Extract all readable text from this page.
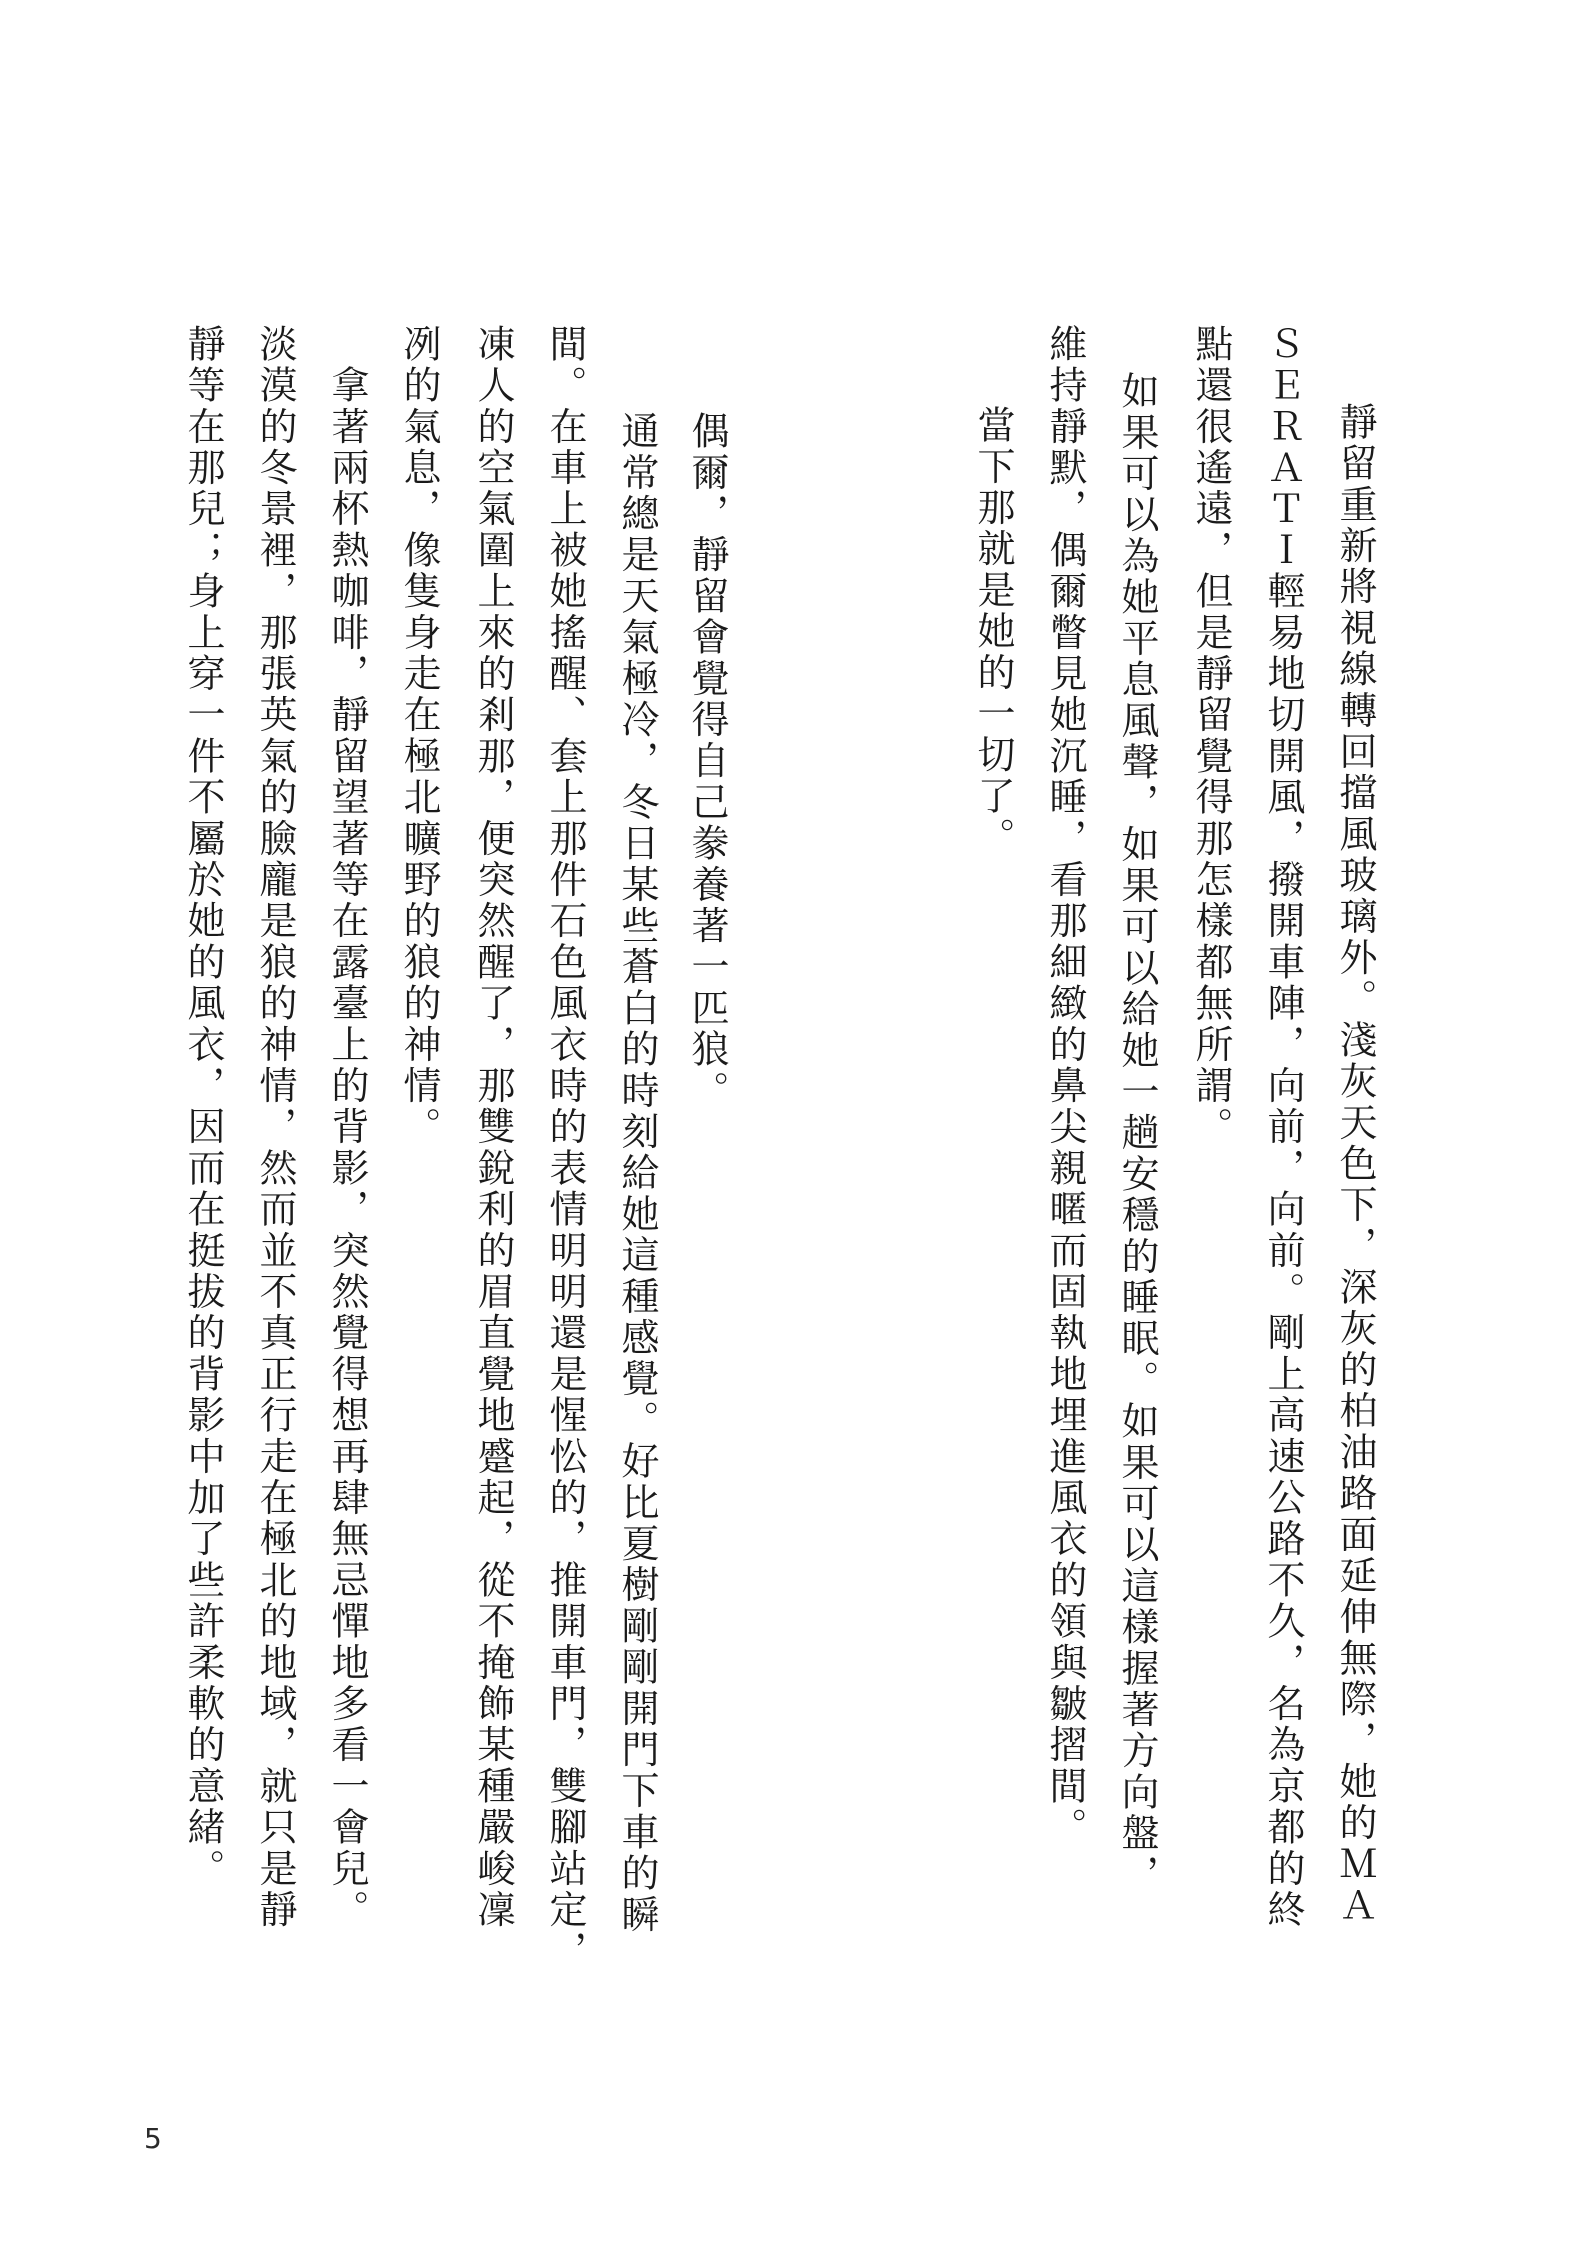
靜留重新將視線轉回擋風玻璃外。淺灰天色下，深灰的柏油路面延伸無際，她的ＭＡ
ＳＥＲＡＴＩ輕易地切開風，撥開車陣，向前，向前。剛上高速公路不久，名為京都的終
點還很遙遠，但是靜留覺得那怎樣都無所謂。
　如果可以為她平息風聲，如果可以給她一趟安穩的睡眠。如果可以這樣握著方向盤，
維持靜默，偶爾瞥見她沉睡，看那細緻的鼻尖親暱而固執地埋進風衣的領與皺摺間。
　當下那就是她的一切了。
　偶爾，靜留會覺得自己豢養著一匹狼。
　通常總是天氣極冷，冬日某些蒼白的時刻給她這種感覺。好比夏樹剛剛開門下車的瞬
間。在車上被她搖醒、套上那件石色風衣時的表情明明還是惺忪的，推開車門，雙腳站定，
凍人的空氣圍上來的剎那，便突然醒了，那雙銳利的眉直覺地蹙起，從不掩飾某種嚴峻凜
冽的氣息，像隻身走在極北曠野的狼的神情。
　拿著兩杯熱咖啡，靜留望著等在露臺上的背影，突然覺得想再肆無忌憚地多看一會兒。
淡漠的冬景裡，那張英氣的臉龐是狼的神情，然而並不真正行走在極北的地域，就只是靜
靜等在那兒；身上穿一件不屬於她的風衣，因而在挺拔的背影中加了些許柔軟的意緒。
5
